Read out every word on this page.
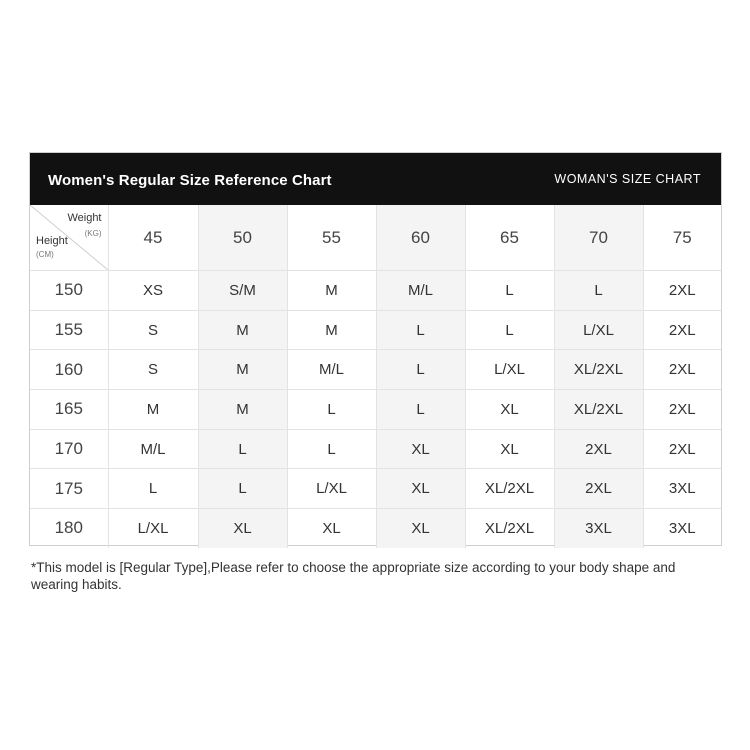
Women's Regular Size Reference Chart	WOMAN'S SIZE CHART
Weight
(KG)
Height
(CM)	45	50	55	60	65	70	75
150	XS	S/M	M	M/L	L	L	2XL
155	S	M	M	L	L	L/XL	2XL
160	S	M	M/L	L	L/XL	XL/2XL	2XL
165	M	M	L	L	XL	XL/2XL	2XL
170	M/L	L	L	XL	XL	2XL	2XL
175	L	L	L/XL	XL	XL/2XL	2XL	3XL
180	L/XL	XL	XL	XL	XL/2XL	3XL	3XL
*This model is [Regular Type],Please refer to choose the appropriate size according to your body shape and wearing habits.
